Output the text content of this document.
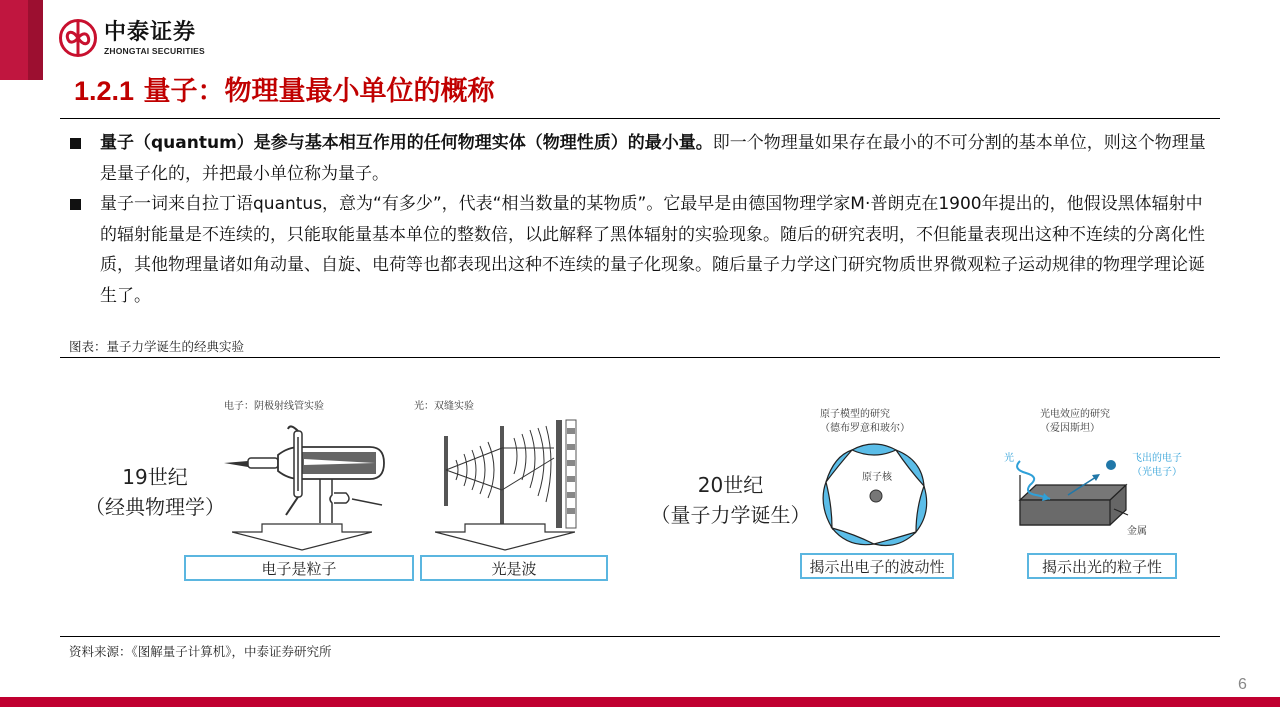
中泰证券
ZHONGTAI SECURITIES
1.2.1 量子：物理量最小单位的概称
量子（quantum）是参与基本相互作用的任何物理实体（物理性质）的最小量。即一个物理量如果存在最小的不可分割的基本单位，则这个物理量是量子化的，并把最小单位称为量子。
量子一词来自拉丁语quantus，意为“有多少”，代表“相当数量的某物质”。它最早是由德国物理学家M·普朗克在1900年提出的，他假设黑体辐射中的辐射能量是不连续的，只能取能量基本单位的整数倍，以此解释了黑体辐射的实验现象。随后的研究表明，不但能量表现出这种不连续的分离化性质，其他物理量诸如角动量、自旋、电荷等也都表现出这种不连续的量子化现象。随后量子力学这门研究物质世界微观粒子运动规律的物理学理论诞生了。
图表：量子力学诞生的经典实验
19世纪
（经典物理学）
电子：阴极射线管实验
电子是粒子
光：双缝实验
光是波
20世纪
（量子力学诞生）
原子模型的研究
（德布罗意和玻尔）
原子核
揭示出电子的波动性
光电效应的研究
（爱因斯坦）
光	飞出的电子
（光电子）
金属
揭示出光的粒子性
资料来源：《图解量子计算机》，中泰证券研究所
6
